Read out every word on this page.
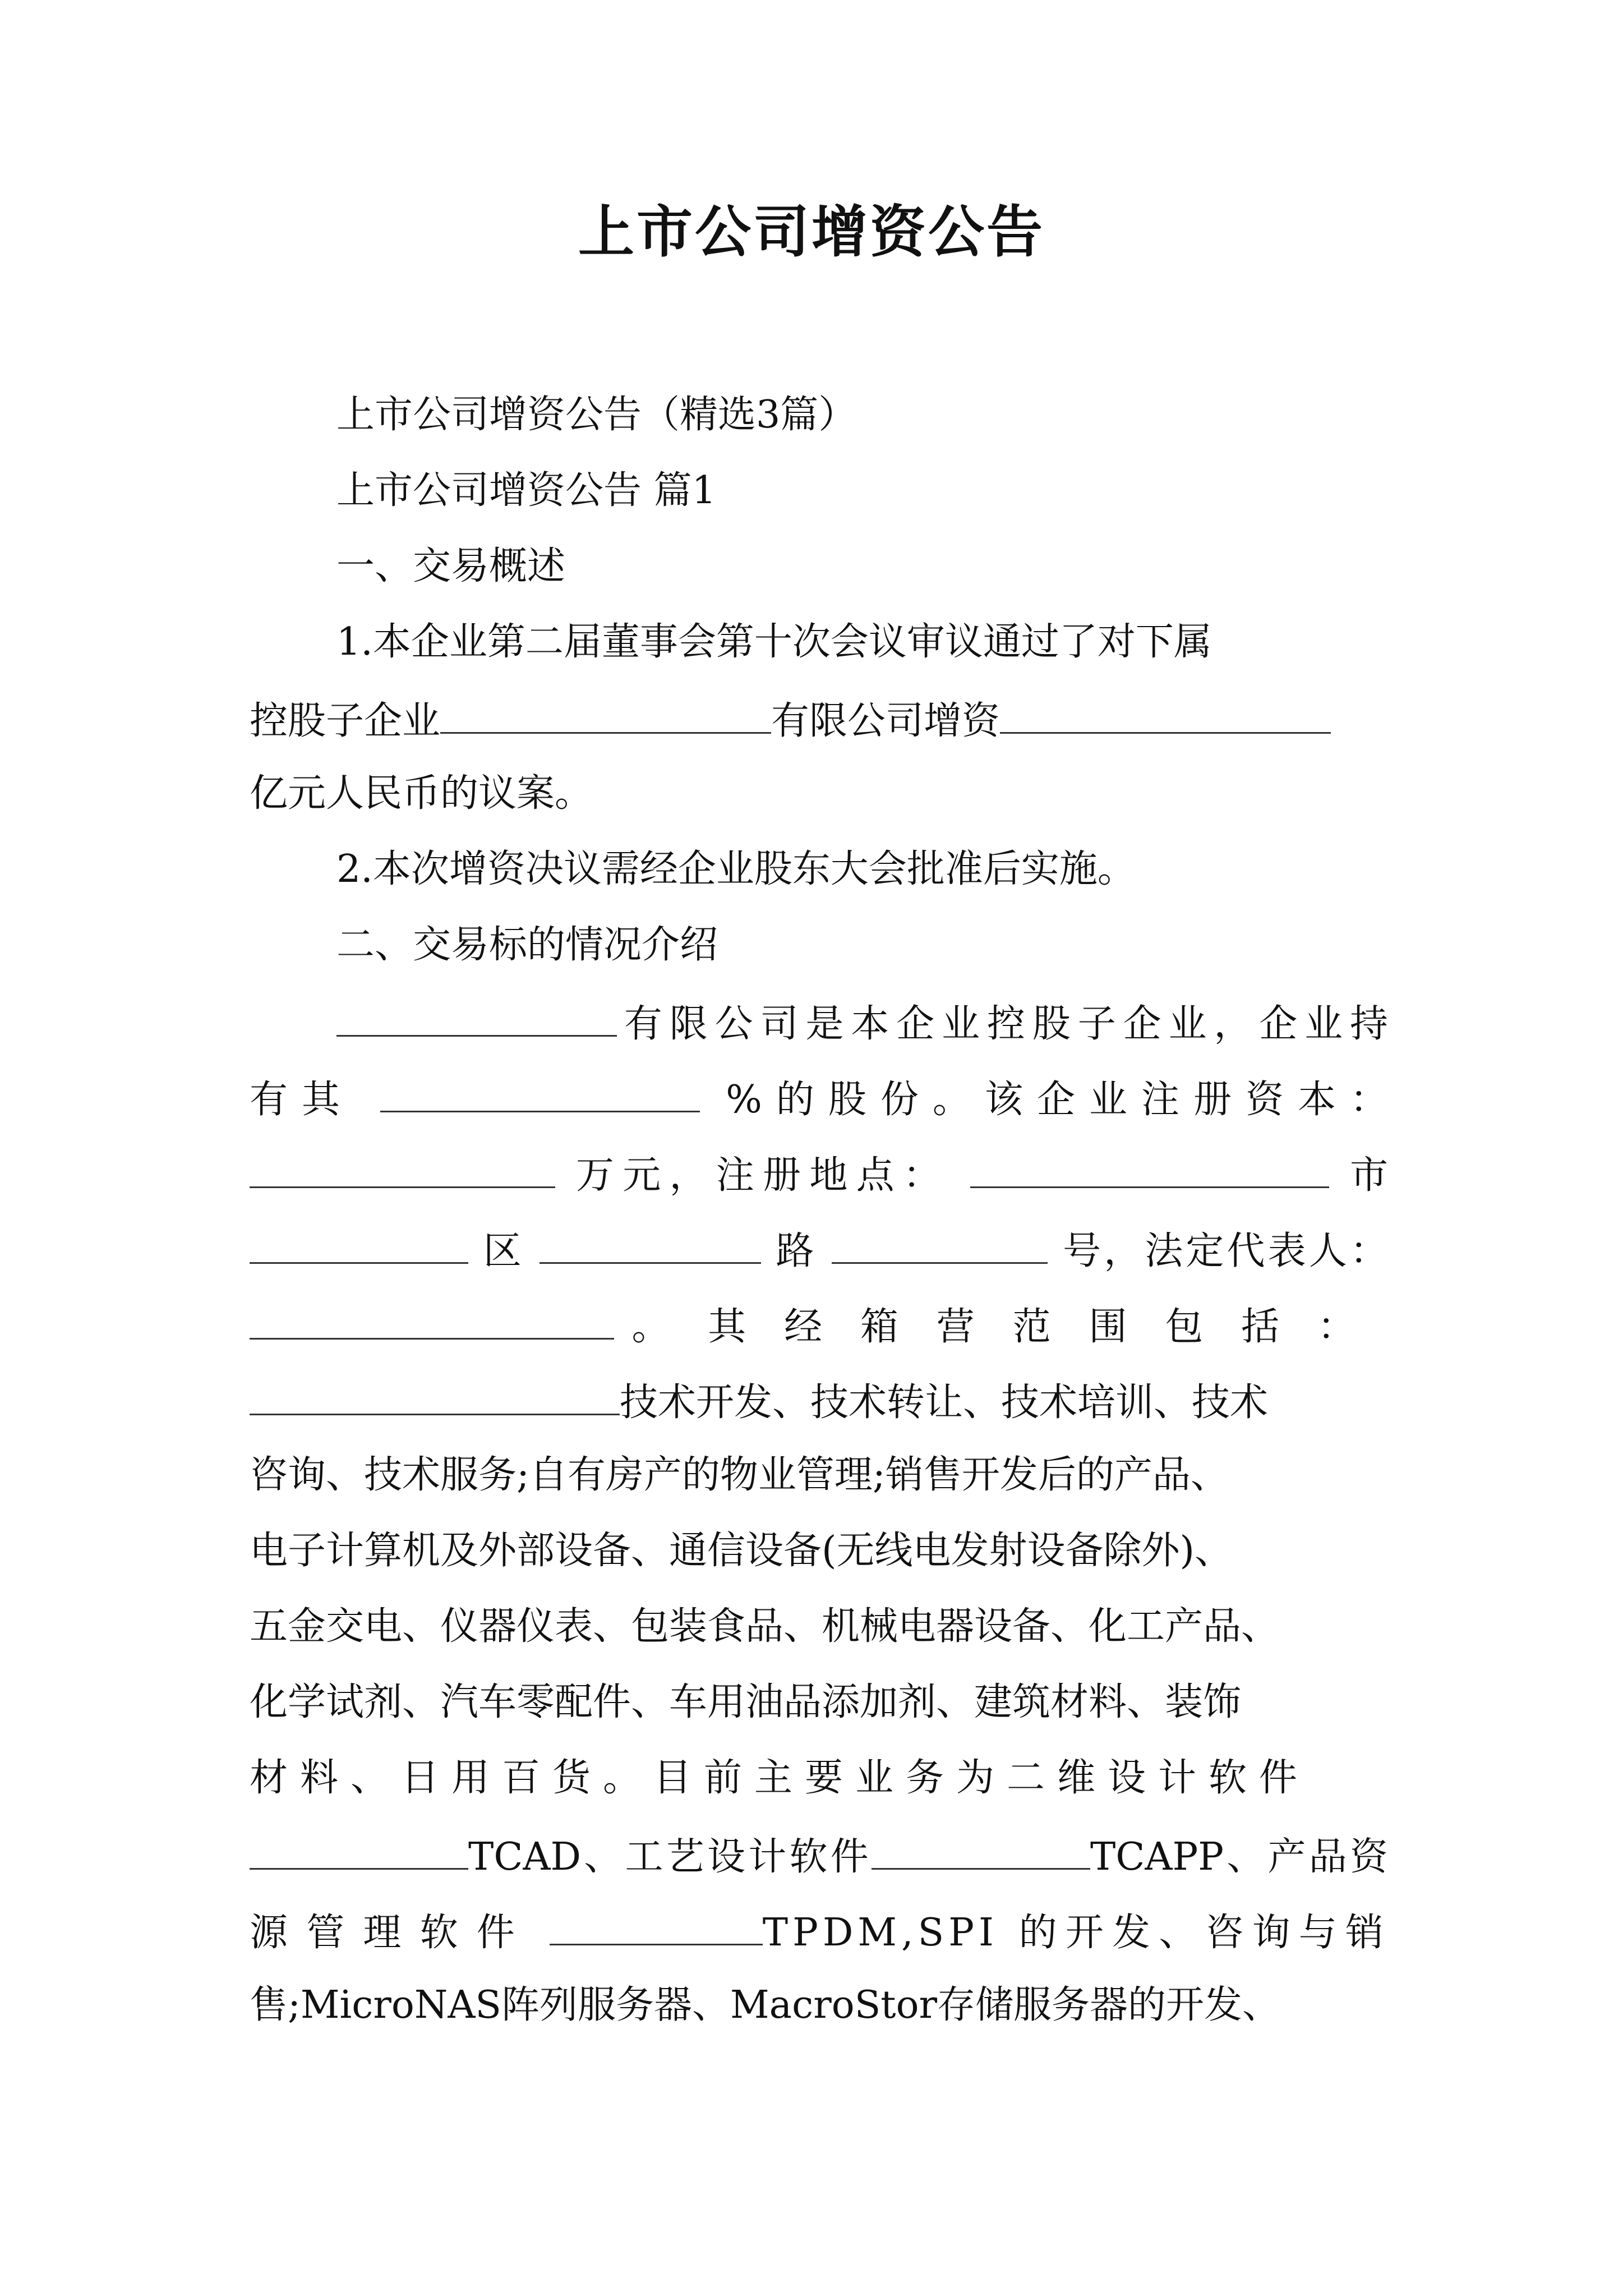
上市公司增资公告
上市公司增资公告（精选3篇）
上市公司增资公告 篇1
一、交易概述
1.本企业第二届董事会第十次会议审议通过了对下属
控股子企业	有限公司增资
亿元人民币的议案。
2.本次增资决议需经企业股东大会批准后实施。
二、交易标的情况介绍
有限公司是本企业控股子企业，企业持
有其	%的股份。该企业注册资本：
万元，注册地点：	市
区	路	号，法定代表人：
。其经箱营范围包括：
技术开发、技术转让、技术培训、技术
咨询、技术服务;自有房产的物业管理;销售开发后的产品、
电子计算机及外部设备、通信设备(无线电发射设备除外)、
五金交电、仪器仪表、包装食品、机械电器设备、化工产品、
化学试剂、汽车零配件、车用油品添加剂、建筑材料、装饰
材料、日用百货。目前主要业务为二维设计软件
TCAD、工艺设计软件	TCAPP、产品资
源管理软件	TPDM,SPI 的开发、咨询与销
售;MicroNAS阵列服务器、MacroStor存储服务器的开发、
